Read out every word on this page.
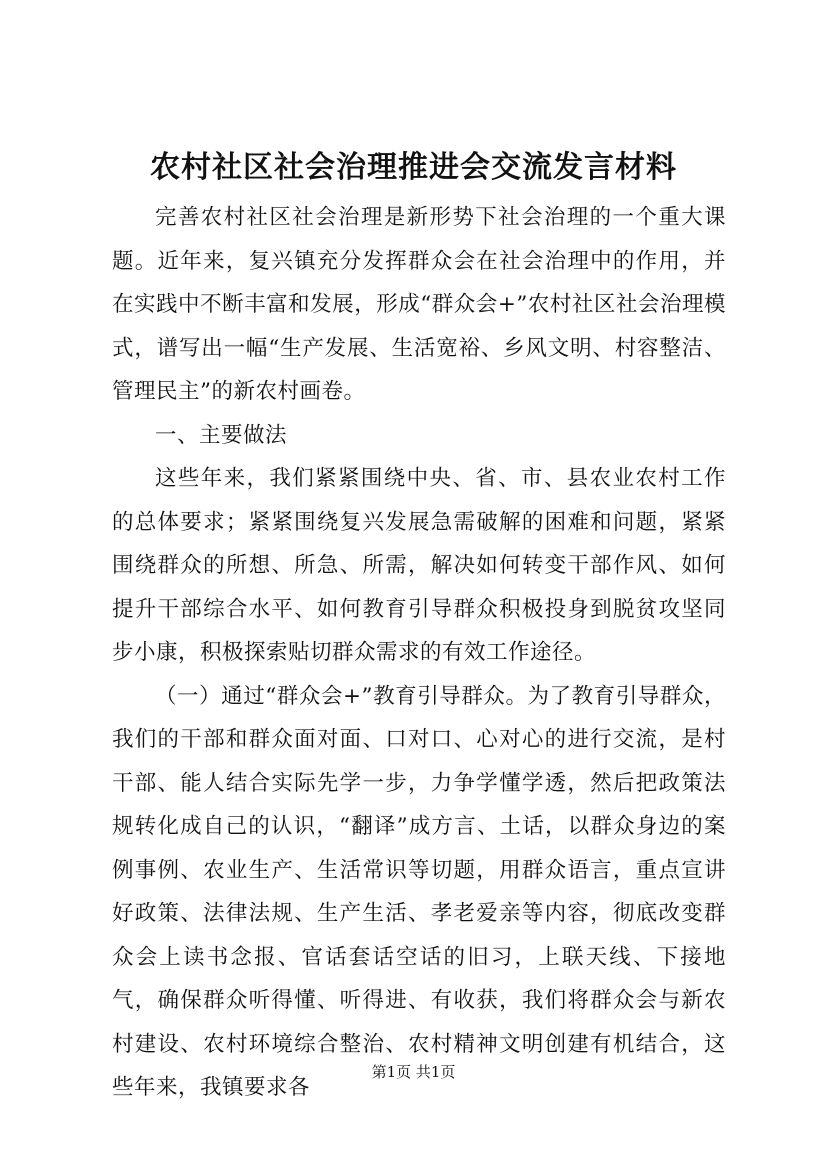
农村社区社会治理推进会交流发言材料

完善农村社区社会治理是新形势下社会治理的一个重大课题。近年来，复兴镇充分发挥群众会在社会治理中的作用，并在实践中不断丰富和发展，形成“群众会+”农村社区社会治理模式，谱写出一幅“生产发展、生活宽裕、乡风文明、村容整洁、管理民主”的新农村画卷。

一、主要做法

这些年来，我们紧紧围绕中央、省、市、县农业农村工作的总体要求；紧紧围绕复兴发展急需破解的困难和问题，紧紧围绕群众的所想、所急、所需，解决如何转变干部作风、如何提升干部综合水平、如何教育引导群众积极投身到脱贫攻坚同步小康，积极探索贴切群众需求的有效工作途径。

（一）通过“群众会+”教育引导群众。为了教育引导群众，我们的干部和群众面对面、口对口、心对心的进行交流，是村干部、能人结合实际先学一步，力争学懂学透，然后把政策法规转化成自己的认识，“翻译”成方言、土话，以群众身边的案例事例、农业生产、生活常识等切题，用群众语言，重点宣讲好政策、法律法规、生产生活、孝老爱亲等内容，彻底改变群众会上读书念报、官话套话空话的旧习，上联天线、下接地气，确保群众听得懂、听得进、有收获，我们将群众会与新农村建设、农村环境综合整治、农村精神文明创建有机结合，这些年来，我镇要求各

第1页 共1页
